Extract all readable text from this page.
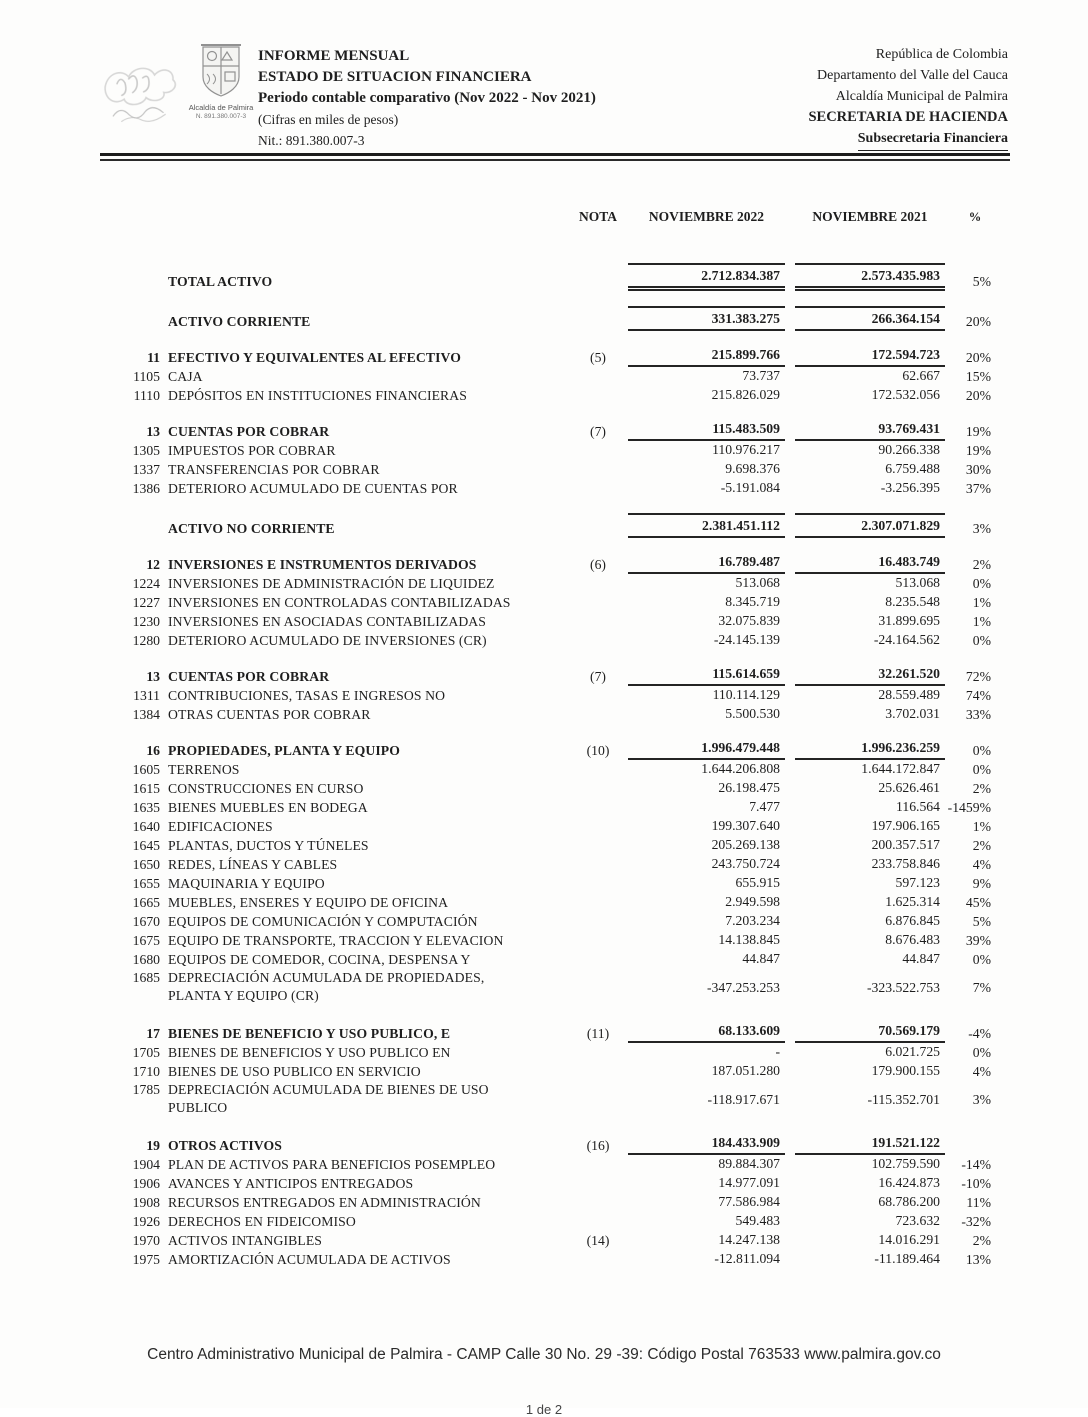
Alcaldía de Palmira
N. 891.380.007-3
INFORME MENSUAL
ESTADO DE SITUACION FINANCIERA
Periodo contable comparativo (Nov 2022 - Nov 2021)
(Cifras en miles de pesos)
Nit.: 891.380.007-3
República de Colombia
Departamento del Valle del Cauca
Alcaldía Municipal de Palmira
SECRETARIA DE HACIENDA
Subsecretaria Financiera
NOTA	NOVIEMBRE 2022	NOVIEMBRE 2021	%
TOTAL ACTIVO	2.712.834.387	2.573.435.983	5%
ACTIVO CORRIENTE	331.383.275	266.364.154	20%
11 EFECTIVO Y EQUIVALENTES AL EFECTIVO	(5)	215.899.766	172.594.723	20%
1105 CAJA	73.737	62.667	15%
1110 DEPÓSITOS EN INSTITUCIONES FINANCIERAS	215.826.029	172.532.056	20%
13 CUENTAS POR COBRAR	(7)	115.483.509	93.769.431	19%
1305 IMPUESTOS POR COBRAR	110.976.217	90.266.338	19%
1337 TRANSFERENCIAS POR COBRAR	9.698.376	6.759.488	30%
1386 DETERIORO ACUMULADO DE CUENTAS POR	-5.191.084	-3.256.395	37%
ACTIVO NO CORRIENTE	2.381.451.112	2.307.071.829	3%
12 INVERSIONES E INSTRUMENTOS DERIVADOS	(6)	16.789.487	16.483.749	2%
1224 INVERSIONES DE ADMINISTRACIÓN DE LIQUIDEZ	513.068	513.068	0%
1227 INVERSIONES EN CONTROLADAS CONTABILIZADAS	8.345.719	8.235.548	1%
1230 INVERSIONES EN ASOCIADAS CONTABILIZADAS	32.075.839	31.899.695	1%
1280 DETERIORO ACUMULADO DE INVERSIONES (CR)	-24.145.139	-24.164.562	0%
13 CUENTAS POR COBRAR	(7)	115.614.659	32.261.520	72%
1311 CONTRIBUCIONES, TASAS E INGRESOS NO	110.114.129	28.559.489	74%
1384 OTRAS CUENTAS POR COBRAR	5.500.530	3.702.031	33%
16 PROPIEDADES, PLANTA Y EQUIPO	(10)	1.996.479.448	1.996.236.259	0%
1605 TERRENOS	1.644.206.808	1.644.172.847	0%
1615 CONSTRUCCIONES EN CURSO	26.198.475	25.626.461	2%
1635 BIENES MUEBLES EN BODEGA	7.477	116.564 -1459%
1640 EDIFICACIONES	199.307.640	197.906.165	1%
1645 PLANTAS, DUCTOS Y TÚNELES	205.269.138	200.357.517	2%
1650 REDES, LÍNEAS Y CABLES	243.750.724	233.758.846	4%
1655 MAQUINARIA Y EQUIPO	655.915	597.123	9%
1665 MUEBLES, ENSERES Y EQUIPO DE OFICINA	2.949.598	1.625.314	45%
1670 EQUIPOS DE COMUNICACIÓN Y COMPUTACIÓN	7.203.234	6.876.845	5%
1675 EQUIPO DE TRANSPORTE, TRACCION Y ELEVACION	14.138.845	8.676.483	39%
1680 EQUIPOS DE COMEDOR, COCINA, DESPENSA Y	44.847	44.847	0%
1685 DEPRECIACIÓN ACUMULADA DE PROPIEDADES,
PLANTA Y EQUIPO (CR)
-347.253.253	-323.522.753	7%
17 BIENES DE BENEFICIO Y USO PUBLICO, E	(11)	68.133.609	70.569.179	-4%
1705 BIENES DE BENEFICIOS Y USO PUBLICO EN	-	6.021.725	0%
1710 BIENES DE USO PUBLICO EN SERVICIO	187.051.280	179.900.155	4%
1785 DEPRECIACIÓN ACUMULADA DE BIENES DE USO
PUBLICO
-118.917.671	-115.352.701	3%
19 OTROS ACTIVOS	(16)	184.433.909	191.521.122
1904 PLAN DE ACTIVOS PARA BENEFICIOS POSEMPLEO	89.884.307	102.759.590	-14%
1906 AVANCES Y ANTICIPOS ENTREGADOS	14.977.091	16.424.873	-10%
1908 RECURSOS ENTREGADOS EN ADMINISTRACIÓN	77.586.984	68.786.200	11%
1926 DERECHOS EN FIDEICOMISO	549.483	723.632	-32%
1970 ACTIVOS INTANGIBLES	(14)	14.247.138	14.016.291	2%
1975 AMORTIZACIÓN ACUMULADA DE ACTIVOS	-12.811.094	-11.189.464	13%
Centro Administrativo Municipal de Palmira - CAMP Calle 30 No. 29 -39: Código Postal 763533 www.palmira.gov.co
1 de 2
